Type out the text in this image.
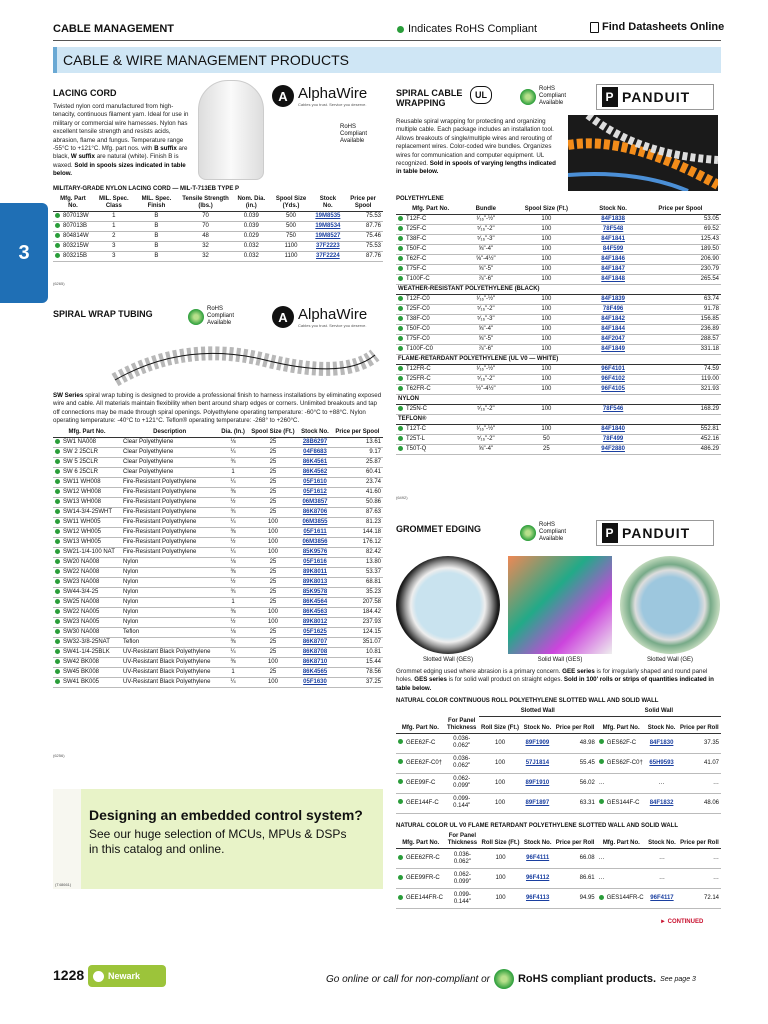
CABLE MANAGEMENT	Indicates RoHS Compliant	Find Datasheets Online
CABLE & WIRE MANAGEMENT PRODUCTS
3
LACING CORD	A AlphaWire
Cables you trust. Service you deserve.
RoHS Compliant Available
Twisted nylon cord manufactured from high-tenacity, continuous filament yarn. Ideal for use in military or commercial wire harnesses. Nylon has excellent tensile strength and resists acids, abrasion, flame and fungus. Temperature range -55°C to +121°C. Mfg. part nos. with B suffix are black, W suffix are natural (white). Finish B is waxed. Sold in spools sizes indicated in table below.
MILITARY-GRADE NYLON LACING CORD — MIL-T-713EB TYPE P
Mfg. Part No.	MIL. Spec. Class	MIL. Spec. Finish	Tensile Strength (lbs.)	Nom. Dia. (in.)	Spool Size (Yds.)	Stock No.	Price per Spool
807013W	1	B	70	0.039	500	19M8535	75.53
807013B	1	B	70	0.039	500	19M8534	87.76
804814W	2	B	48	0.029	750	19M8527	75.46
803215W	3	B	32	0.032	1100	37F2223	75.53
803215B	3	B	32	0.032	1100	37F2224	87.76
(6265)
SPIRAL WRAP TUBING	RoHS Compliant Available	A AlphaWire
Cables you trust. Service you deserve.
SW Series spiral wrap tubing is designed to provide a professional finish to harness installations by eliminating exposed wire and cable. All materials maintain flexibility when bent around sharp edges or corners. Unlimited breakouts and tap off connections may be made through spiral openings. Polyethylene operating temperature: -60°C to +88°C. Nylon operating temperature: -40°C to +121°C. Teflon® operating temperature: -268° to +260°C.
Mfg. Part No.	Description	Dia. (In.)	Spool Size (Ft.)	Stock No.	Price per Spool
SW1 NA008	Clear Polyethylene	⅛	25	28B6297	13.61
SW 2 25CLR	Clear Polyethylene	¼	25	04F8683	9.17
SW 5 25CLR	Clear Polyethylene	¾	25	86K4561	25.87
SW 6 25CLR	Clear Polyethylene	1	25	86K4562	60.41
SW11 WH008	Fire-Resistant Polyethylene	¼	25	05F1610	23.74
SW12 WH008	Fire-Resistant Polyethylene	⅜	25	05F1612	41.60
SW13 WH008	Fire-Resistant Polyethylene	½	25	06M3857	50.86
SW14-3/4-25WHT	Fire-Resistant Polyethylene	¾	25	86K8706	87.63
SW11 WH005	Fire-Resistant Polyethylene	¼	100	06M3855	81.23
SW12 WH005	Fire-Resistant Polyethylene	⅜	100	05F1611	144.18
SW13 WH005	Fire-Resistant Polyethylene	½	100	06M3856	176.12
SW21-1/4-100 NAT	Fire-Resistant Polyethylene	¼	100	85K9576	82.42
SW20 NA008	Nylon	⅛	25	05F1616	13.80
SW22 NA008	Nylon	⅜	25	89K8011	53.37
SW23 NA008	Nylon	½	25	89K8013	68.81
SW44-3/4-25	Nylon	¾	25	85K9578	35.23
SW25 NA008	Nylon	1	25	86K4564	207.58
SW22 NA005	Nylon	⅜	100	86K4563	184.42
SW23 NA005	Nylon	½	100	89K8012	237.93
SW30 NA008	Teflon	⅛	25	05F1625	124.15
SW32-3/8-25NAT	Teflon	⅜	25	86K8707	351.07
SW41-1/4-25BLK	UV-Resistant Black Polyethylene	¼	25	86K8708	10.81
SW42 BK008	UV-Resistant Black Polyethylene	⅜	100	86K8710	15.44
SW45 BK008	UV-Resistant Black Polyethylene	1	25	86K4565	78.56
SW41 BK005	UV-Resistant Black Polyethylene	¼	100	05F1630	37.25
(6256)
Designing an embedded control system?
See our huge selection of MCUs, MPUs & DSPs
in this catalog and online.
(T48661)
SPIRAL CABLE WRAPPING
UL
RoHS Compliant Available	P PANDUIT
Reusable spiral wrapping for protecting and organizing multiple cable. Each package includes an installation tool. Allows breakouts of single/multiple wires and rerouting of replacement wires. Color-coded wire bundles. Organizes wires for communication and computer equipment. UL recognized. Sold in spools of varying lengths indicated in table below.
POLYETHYLENE
Mfg. Part No.	Bundle	Spool Size (Ft.)	Stock No.	Price per Spool
T12F-C	¹⁄₁₆"-½"	100	84F1838	53.05
T25F-C	⁵⁄₁₆"-2"	100	78F548	69.52
T38F-C	⁵⁄₁₆"-3"	100	84F1841	125.43
T50F-C	⅝"-4"	100	84F599	189.50
T62F-C	⅝"-4½"	100	84F1846	206.90
T75F-C	⅝"-5"	100	84F1847	230.79
T100F-C	⅞"-6"	100	84F1848	265.54
WEATHER-RESISTANT POLYETHYLENE (BLACK)				
T12F-C0	¹⁄₁₆"-½"	100	84F1839	63.74
T25F-C0	⁵⁄₁₆"-2"	100	78F496	91.78
T38F-C0	⁵⁄₁₆"-3"	100	84F1842	156.85
T50F-C0	⅝"-4"	100	84F1844	236.89
T75F-C0	⅝"-5"	100	84F2047	288.57
T100F-C0	⅞"-6"	100	84F1849	331.18
FLAME-RETARDANT POLYETHYLENE (UL V0 — WHITE)				
T12FR-C	¹⁄₁₆"-½"	100	96F4101	74.59
T25FR-C	⁵⁄₁₆"-2"	100	96F4102	119.00
T62FR-C	½"-4½"	100	96F4105	321.93
NYLON				
T25N-C	⁵⁄₁₆"-2"	100	78F546	168.29
TEFLON®				
T12T-C	¹⁄₁₆"-½"	100	84F1840	552.81
T25T-L	⁵⁄₁₆"-2"	50	78F499	452.16
T50T-Q	⅝"-4"	25	94F2880	486.29
(6492)
GROMMET EDGING	RoHS Compliant Available	P PANDUIT
Slotted Wall (GES)	Solid Wall (GES)	Slotted Wall (GE)
Grommet edging used where abrasion is a primary concern. GEE series is for irregularly shaped and round panel holes. GES series is for solid wall product on straight edges. Sold in 100' rolls or strips of quantities indicated in table below.
NATURAL COLOR CONTINUOUS ROLL POLYETHYLENE SLOTTED WALL AND SOLID WALL
		Slotted Wall			Solid Wall		
Mfg. Part No.	For Panel Thickness	Roll Size (Ft.)	Stock No.	Price per Roll	Mfg. Part No.	Stock No.	Price per Roll
GEE62F-C	0.036-0.062"	100	89F1909	48.98	GES62F-C	84F1830	37.35
GEE62F-C0†	0.036-0.062"	100	57J1814	55.45	GES62F-C0†	65H9593	41.07
GEE99F-C	0.062-0.099"	100	89F1910	56.02	…	…	…
GEE144F-C	0.099-0.144"	100	89F1897	63.31	GES144F-C	84F1832	48.06
NATURAL COLOR UL V0 FLAME RETARDANT POLYETHYLENE SLOTTED WALL AND SOLID WALL
Mfg. Part No.	For Panel Thickness	Roll Size (Ft.)	Stock No.	Price per Roll	Mfg. Part No.	Stock No.	Price per Roll
GEE62FR-C	0.036-0.062"	100	96F4111	66.08	…	…	…
GEE99FR-C	0.062-0.099"	100	96F4112	86.61	…	…	…
GEE144FR-C	0.099-0.144"	100	96F4113	94.95	GES144FR-C	96F4117	72.14
► CONTINUED
1228	Newark	Go online or call for non-compliant or	RoHS compliant products. See page 3
